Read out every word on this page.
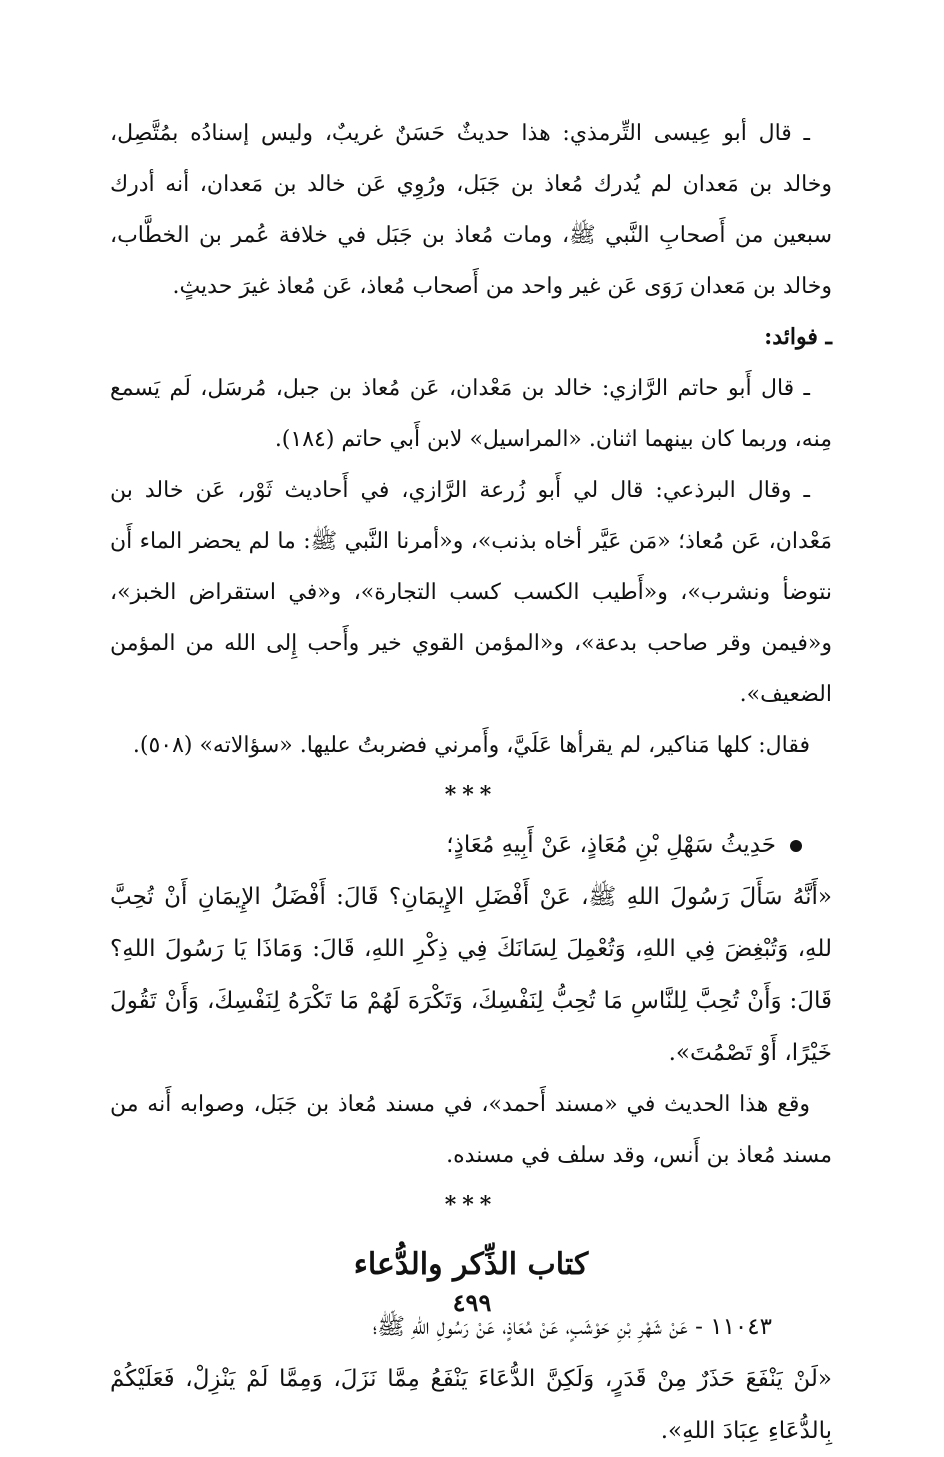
ـ قال أبو عِيسى التِّرمذي: هذا حديثٌ حَسَنٌ غريبٌ، وليس إسنادُه بمُتَّصِل، وخالد بن مَعدان لم يُدرك مُعاذ بن جَبَل، ورُوِي عَن خالد بن مَعدان، أنه أدرك سبعين من أَصحابِ النَّبي ﷺ، ومات مُعاذ بن جَبَل في خلافة عُمر بن الخطَّاب، وخالد بن مَعدان رَوَى عَن غير واحد من أَصحاب مُعاذ، عَن مُعاذ غيرَ حديثٍ.

ـ فوائد:

ـ قال أَبو حاتم الرَّازي: خالد بن مَعْدان، عَن مُعاذ بن جبل، مُرسَل، لَم يَسمع مِنه، وربما كان بينهما اثنان. «المراسيل» لابن أَبي حاتم (١٨٤).

ـ وقال البرذعي: قال لي أَبو زُرعة الرَّازي، في أَحاديث ثَوْر، عَن خالد بن مَعْدان، عَن مُعاذ؛ «مَن عَيَّر أخاه بذنب»، و«أمرنا النَّبي ﷺ: ما لم يحضر الماء أَن نتوضأ ونشرب»، و«أَطيب الكسب كسب التجارة»، و«في استقراض الخبز»، و«فيمن وقر صاحب بدعة»، و«المؤمن القوي خير وأَحب إِلى الله من المؤمن الضعيف».

فقال: كلها مَناكير، لم يقرأها عَلَيَّ، وأَمرني فضربتُ عليها. «سؤالاته» (٥٠٨).

***

حَدِيثُ سَهْلِ بْنِ مُعَاذٍ، عَنْ أَبِيهِ مُعَاذٍ؛

«أَنَّهُ سَأَلَ رَسُولَ اللهِ ﷺ، عَنْ أَفْضَلِ الإِيمَانِ؟ قَالَ: أَفْضَلُ الإِيمَانِ أَنْ تُحِبَّ للهِ، وَتُبْغِضَ فِي اللهِ، وَتُعْمِلَ لِسَانَكَ فِي ذِكْرِ اللهِ، قَالَ: وَمَاذَا يَا رَسُولَ اللهِ؟ قَالَ: وَأَنْ تُحِبَّ لِلنَّاسِ مَا تُحِبُّ لِنَفْسِكَ، وَتَكْرَهَ لَهُمْ مَا تَكْرَهُ لِنَفْسِكَ، وَأَنْ تَقُولَ خَيْرًا، أَوْ تَصْمُتَ».

وقع هذا الحديث في «مسند أَحمد»، في مسند مُعاذ بن جَبَل، وصوابه أَنه من مسند مُعاذ بن أَنس، وقد سلف في مسنده.

***

كتاب الذِّكر والدُّعاء

١١٠٤٣ - عَنْ شَهْرِ بْنِ حَوْشَبٍ، عَنْ مُعَاذٍ، عَنْ رَسُولِ اللهِ ﷺ؛

«لَنْ يَنْفَعَ حَذَرٌ مِنْ قَدَرٍ، وَلَكِنَّ الدُّعَاءَ يَنْفَعُ مِمَّا نَزَلَ، وَمِمَّا لَمْ يَنْزِلْ، فَعَلَيْكُمْ بِالدُّعَاءِ عِبَادَ اللهِ».

٤٩٩
